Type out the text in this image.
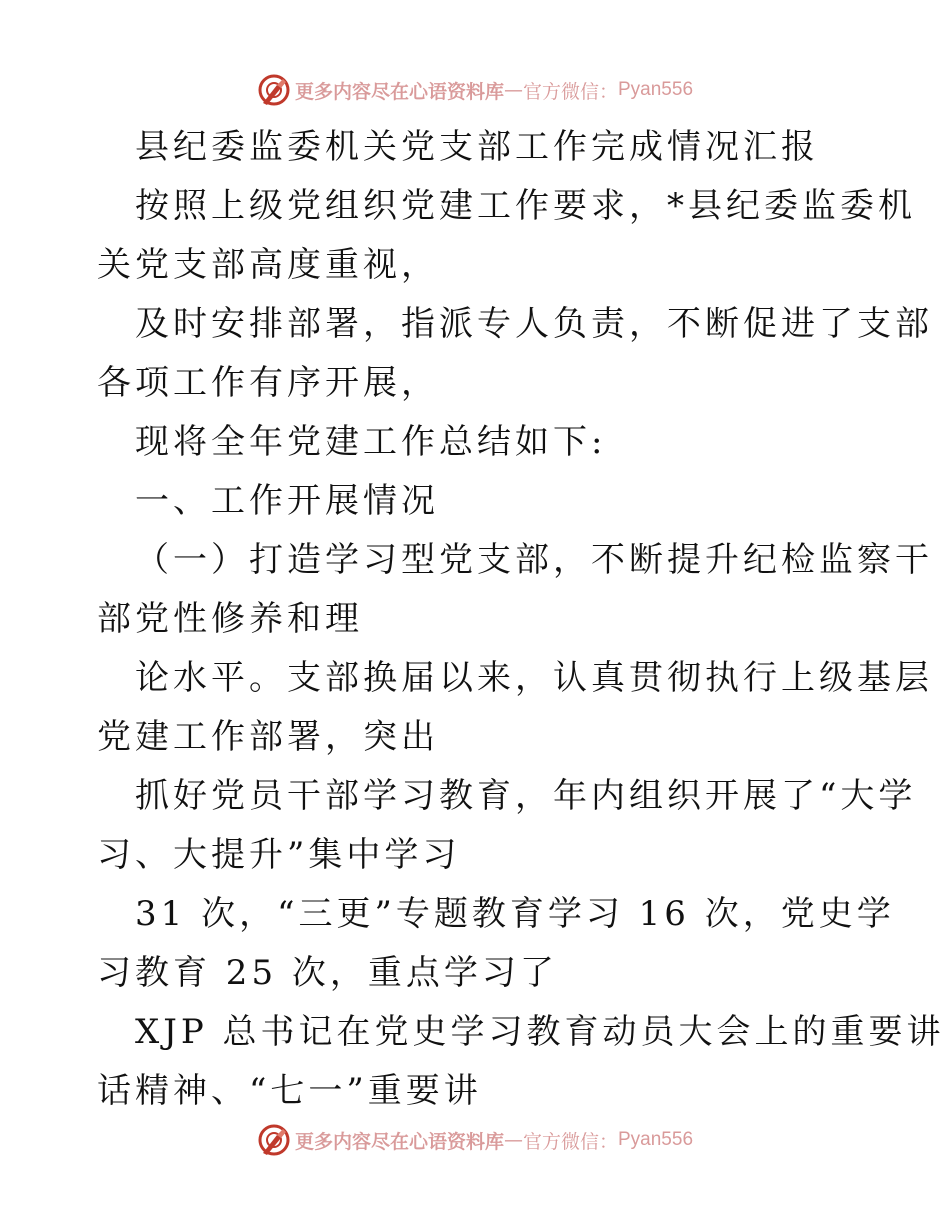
更多内容尽在心语资料库 — 官方微信： Pyan556
县纪委监委机关党支部工作完成情况汇报
按照上级党组织党建工作要求，*县纪委监委机
关党支部高度重视，
及时安排部署，指派专人负责，不断促进了支部
各项工作有序开展，
现将全年党建工作总结如下:
一、工作开展情况
（一）打造学习型党支部，不断提升纪检监察干
部党性修养和理
论水平。支部换届以来，认真贯彻执行上级基层
党建工作部署，突出
抓好党员干部学习教育，年内组织开展了“大学
习、大提升”集中学习
31 次，“三更”专题教育学习 16 次，党史学
习教育 25 次，重点学习了
XJP 总书记在党史学习教育动员大会上的重要讲
话精神、“七一”重要讲
更多内容尽在心语资料库 — 官方微信： Pyan556
